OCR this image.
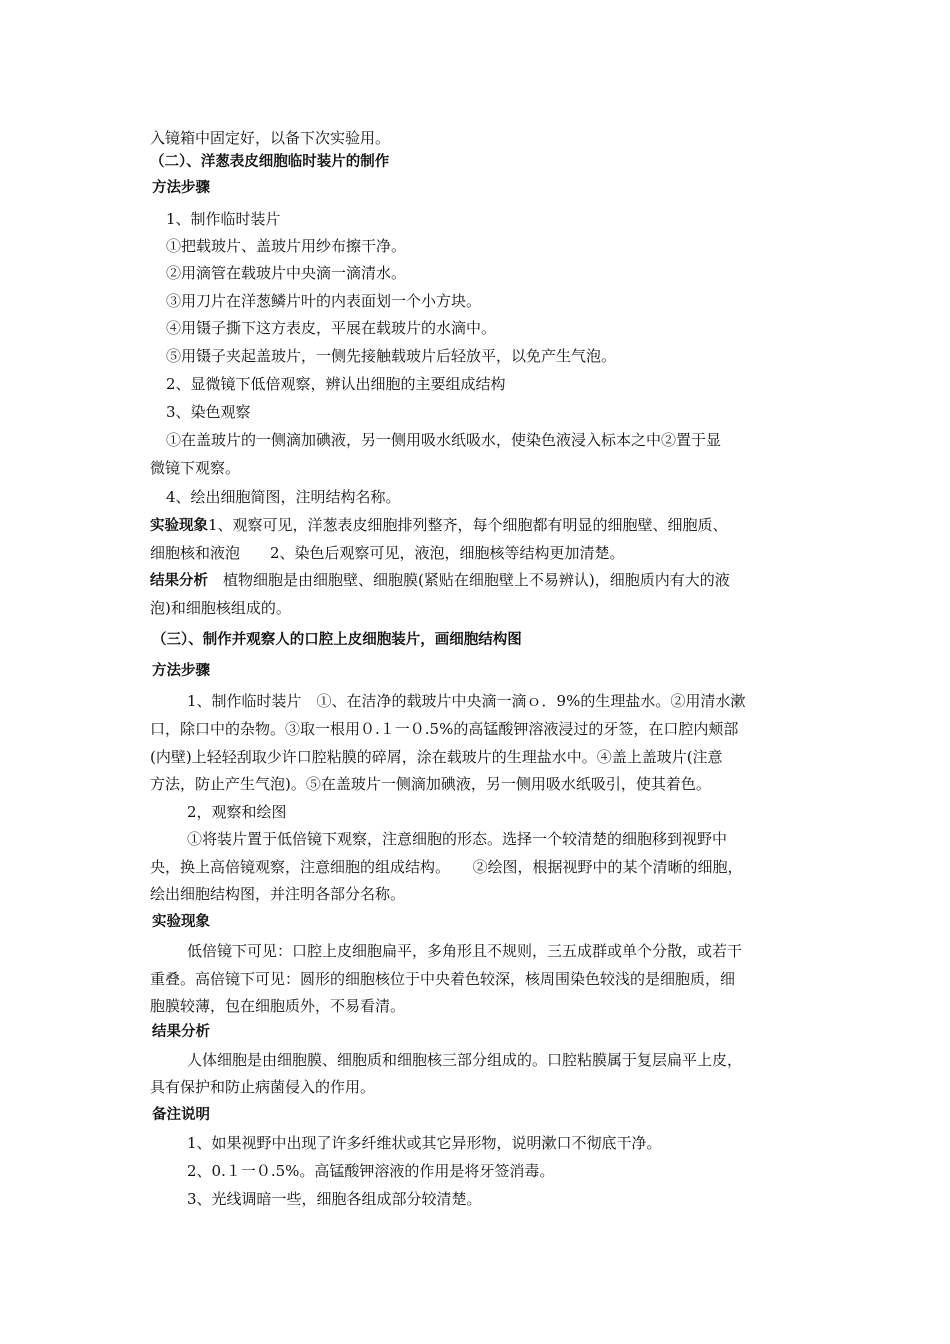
入镜箱中固定好，以备下次实验用。
（二）、洋葱表皮细胞临时装片的制作
方法步骤
1、制作临时装片
①把载玻片、盖玻片用纱布擦干净。
②用滴管在载玻片中央滴一滴清水。
③用刀片在洋葱鳞片叶的内表面划一个小方块。
④用镊子撕下这方表皮，平展在载玻片的水滴中。
⑤用镊子夹起盖玻片，一侧先接触载玻片后轻放平，以免产生气泡。
2、显微镜下低倍观察，辨认出细胞的主要组成结构
3、染色观察
①在盖玻片的一侧滴加碘液，另一侧用吸水纸吸水，使染色液浸入标本之中②置于显
微镜下观察。
4、绘出细胞简图，注明结构名称。
实验现象1、观察可见，洋葱表皮细胞排列整齐，每个细胞都有明显的细胞壁、细胞质、
细胞核和液泡　　2、染色后观察可见，液泡，细胞核等结构更加清楚。
结果分析　植物细胞是由细胞壁、细胞膜(紧贴在细胞壁上不易辨认)，细胞质内有大的液
泡)和细胞核组成的。
（三）、制作并观察人的口腔上皮细胞装片，画细胞结构图
方法步骤
1、制作临时装片　①、在洁净的载玻片中央滴一滴ｏ．9%的生理盐水。②用清水漱
口，除口中的杂物。③取一根用０.１一０.5%的高锰酸钾溶液浸过的牙签，在口腔内颊部
(内壁)上轻轻刮取少许口腔粘膜的碎屑，涂在载玻片的生理盐水中。④盖上盖玻片(注意
方法，防止产生气泡)。⑤在盖玻片一侧滴加碘液，另一侧用吸水纸吸引，使其着色。
2，观察和绘图
①将装片置于低倍镜下观察，注意细胞的形态。选择一个较清楚的细胞移到视野中
央，换上高倍镜观察，注意细胞的组成结构。　　②绘图，根据视野中的某个清晰的细胞，
绘出细胞结构图，并注明各部分名称。
实验现象
低倍镜下可见：口腔上皮细胞扁平，多角形且不规则，三五成群或单个分散，或若干
重叠。高倍镜下可见：圆形的细胞核位于中央着色较深，核周围染色较浅的是细胞质，细
胞膜较薄，包在细胞质外，不易看清。
结果分析
人体细胞是由细胞膜、细胞质和细胞核三部分组成的。口腔粘膜属于复层扁平上皮，
具有保护和防止病菌侵入的作用。
备注说明
1、如果视野中出现了许多纤维状或其它异形物，说明漱口不彻底干净。
2、0.１一０.5%。高锰酸钾溶液的作用是将牙签消毒。
3、光线调暗一些，细胞各组成部分较清楚。
